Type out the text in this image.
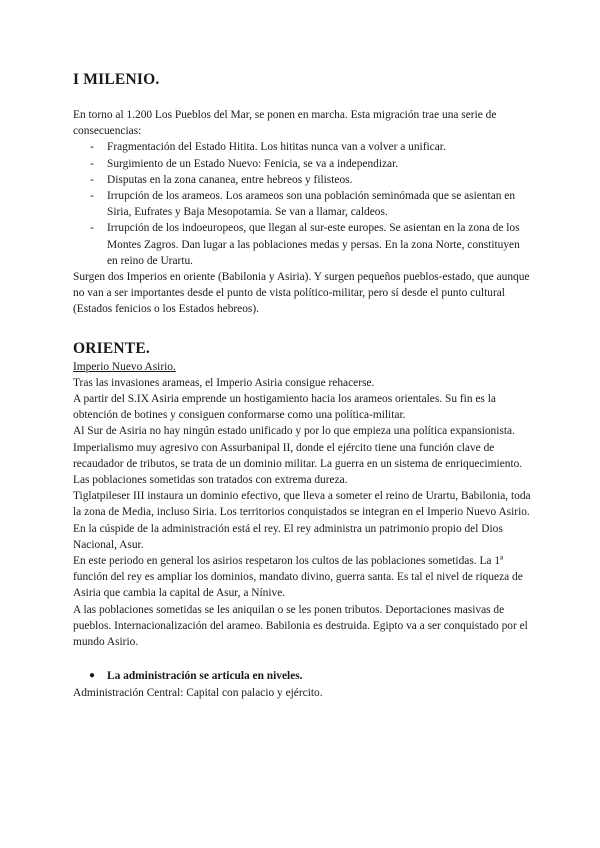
I MILENIO.

En torno al 1.200 Los Pueblos del Mar, se ponen en marcha. Esta migración trae una serie de consecuencias:

- Fragmentación del Estado Hitita. Los hititas nunca van a volver a unificar.
- Surgimiento de un Estado Nuevo: Fenicia, se va a independizar.
- Disputas en la zona cananea, entre hebreos y filisteos.
- Irrupción de los arameos. Los arameos son una población seminómada que se asientan en Siria, Eufrates y Baja Mesopotamia. Se van a llamar, caldeos.
- Irrupción de los indoeuropeos, que llegan al sur-este europes. Se asientan en la zona de los Montes Zagros. Dan lugar a las poblaciones medas y persas. En la zona Norte, constituyen en reino de Urartu.

Surgen dos Imperios en oriente (Babilonia y Asiria). Y surgen pequeños pueblos-estado, que aunque no van a ser importantes desde el punto de vista político-militar, pero sí desde el punto cultural (Estados fenicios o los Estados hebreos).

ORIENTE.

Imperio Nuevo Asirio.

Tras las invasiones arameas, el Imperio Asiria consigue rehacerse.

A partir del S.IX Asiria emprende un hostigamiento hacia los arameos orientales. Su fin es la obtención de botines y consiguen conformarse como una política-militar.

Al Sur de Asiria no hay ningún estado unificado y por lo que empieza una política expansionista.

Imperialismo muy agresivo con Assurbanipal II, donde el ejército tiene una función clave de recaudador de tributos, se trata de un dominio militar. La guerra en un sistema de enriquecimiento. Las poblaciones sometidas son tratados con extrema dureza.

Tiglatpileser III instaura un dominio efectivo, que lleva a someter el reino de Urartu, Babilonia, toda la zona de Media, incluso Siria. Los territorios conquistados se integran en el Imperio Nuevo Asirio.

En la cúspide de la administración está el rey. El rey administra un patrimonio propio del Dios Nacional, Asur.

En este periodo en general los asirios respetaron los cultos de las poblaciones sometidas. La 1ª función del rey es ampliar los dominios, mandato divino, guerra santa. Es tal el nivel de riqueza de Asiria que cambia la capital de Asur, a Nínive.

A las poblaciones sometidas se les aniquilan o se les ponen tributos. Deportaciones masivas de pueblos. Internacionalización del arameo. Babilonia es destruida. Egipto va a ser conquistado por el mundo Asirio.

● La administración se articula en niveles.

Administración Central: Capital con palacio y ejército.
